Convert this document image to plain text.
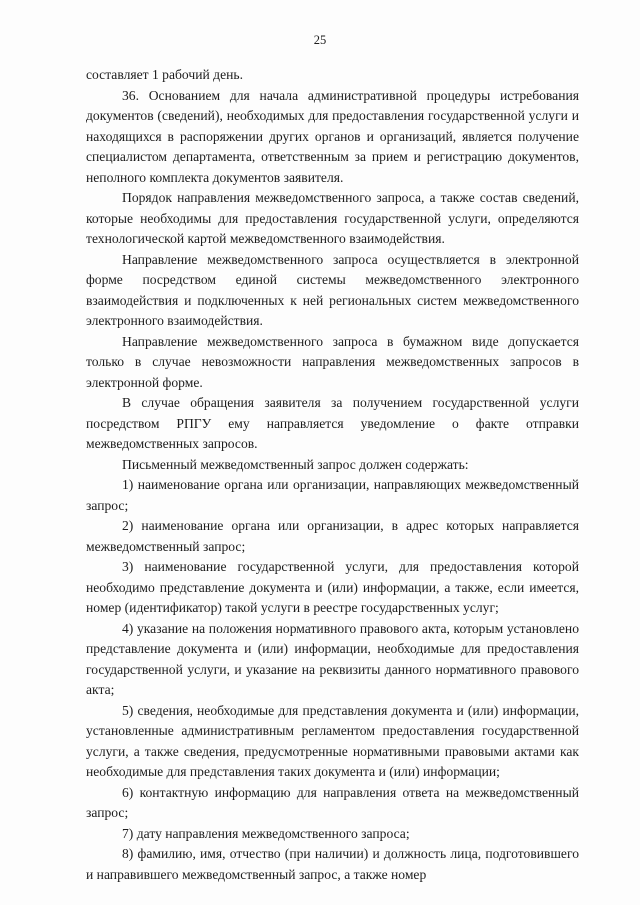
25

составляет 1 рабочий день.

36. Основанием для начала административной процедуры истребования документов (сведений), необходимых для предоставления государственной услуги и находящихся в распоряжении других органов и организаций, является получение специалистом департамента, ответственным за прием и регистрацию документов, неполного комплекта документов заявителя.

Порядок направления межведомственного запроса, а также состав сведений, которые необходимы для предоставления государственной услуги, определяются технологической картой межведомственного взаимодействия.

Направление межведомственного запроса осуществляется в электронной форме посредством единой системы межведомственного электронного взаимодействия и подключенных к ней региональных систем межведомственного электронного взаимодействия.

Направление межведомственного запроса в бумажном виде допускается только в случае невозможности направления межведомственных запросов в электронной форме.

В случае обращения заявителя за получением государственной услуги посредством РПГУ ему направляется уведомление о факте отправки межведомственных запросов.

Письменный межведомственный запрос должен содержать:

1) наименование органа или организации, направляющих межведомственный запрос;

2) наименование органа или организации, в адрес которых направляется межведомственный запрос;

3) наименование государственной услуги, для предоставления которой необходимо представление документа и (или) информации, а также, если имеется, номер (идентификатор) такой услуги в реестре государственных услуг;

4) указание на положения нормативного правового акта, которым установлено представление документа и (или) информации, необходимые для предоставления государственной услуги, и указание на реквизиты данного нормативного правового акта;

5) сведения, необходимые для представления документа и (или) информации, установленные административным регламентом предоставления государственной услуги, а также сведения, предусмотренные нормативными правовыми актами как необходимые для представления таких документа и (или) информации;

6) контактную информацию для направления ответа на межведомственный запрос;

7) дату направления межведомственного запроса;

8) фамилию, имя, отчество (при наличии) и должность лица, подготовившего и направившего межведомственный запрос, а также номер
